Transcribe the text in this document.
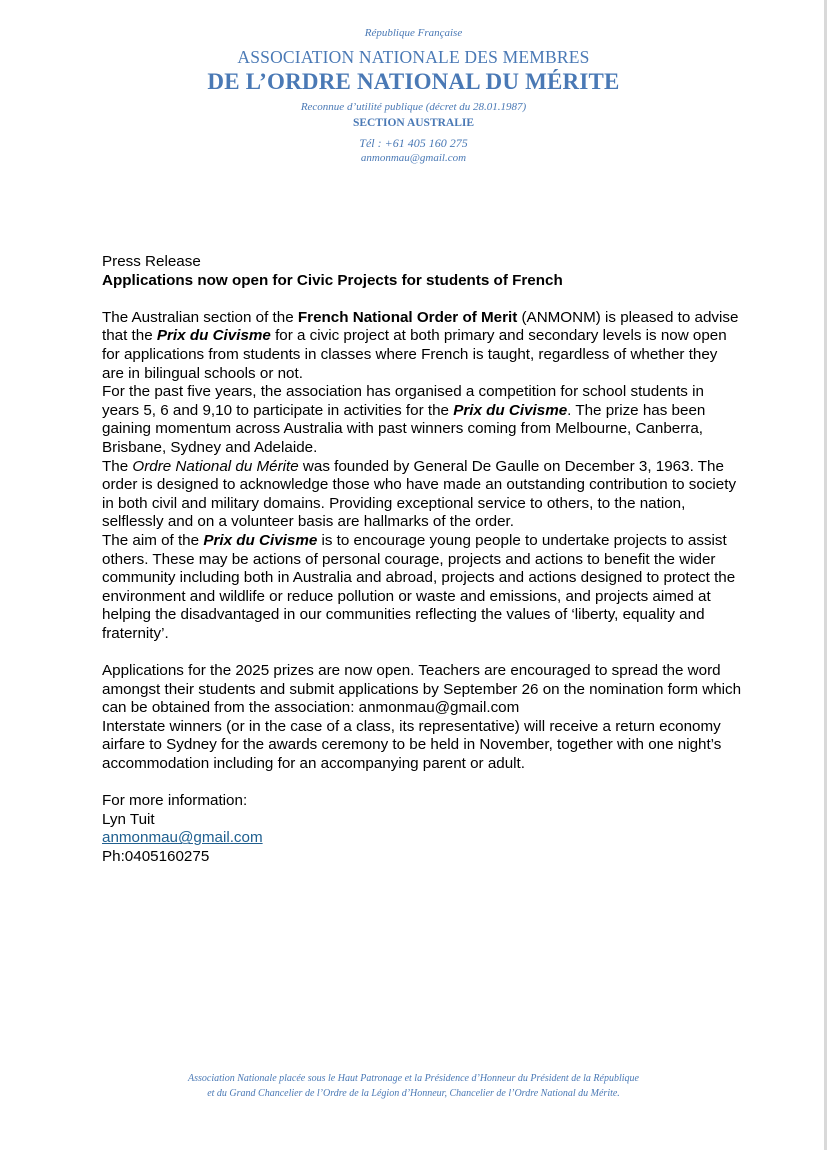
République Française
ASSOCIATION NATIONALE DES MEMBRES
DE L’ORDRE NATIONAL DU MÉRITE
Reconnue d’utilité publique (décret du 28.01.1987)
SECTION AUSTRALIE
Tél : +61 405 160 275
anmonmau@gmail.com

Press Release

Applications now open for Civic Projects for students of French

The Australian section of the French National Order of Merit (ANMONM) is pleased to advise that the Prix du Civisme for a civic project at both primary and secondary levels is now open for applications from students in classes where French is taught, regardless of whether they are in bilingual schools or not.

For the past five years, the association has organised a competition for school students in years 5, 6 and 9,10 to participate in activities for the Prix du Civisme. The prize has been gaining momentum across Australia with past winners coming from Melbourne, Canberra, Brisbane, Sydney and Adelaide.

The Ordre National du Mérite was founded by General De Gaulle on December 3, 1963. The order is designed to acknowledge those who have made an outstanding contribution to society in both civil and military domains. Providing exceptional service to others, to the nation, selflessly and on a volunteer basis are hallmarks of the order.

The aim of the Prix du Civisme is to encourage young people to undertake projects to assist others. These may be actions of personal courage, projects and actions to benefit the wider community including both in Australia and abroad, projects and actions designed to protect the environment and wildlife or reduce pollution or waste and emissions, and projects aimed at helping the disadvantaged in our communities reflecting the values of ‘liberty, equality and fraternity’.

Applications for the 2025 prizes are now open. Teachers are encouraged to spread the word amongst their students and submit applications by September 26 on the nomination form which can be obtained from the association: anmonmau@gmail.com

Interstate winners (or in the case of a class, its representative) will receive a return economy airfare to Sydney for the awards ceremony to be held in November, together with one night’s accommodation including for an accompanying parent or adult.

For more information:

Lyn Tuit

anmonmau@gmail.com

Ph:0405160275

Association Nationale placée sous le Haut Patronage et la Présidence d’Honneur du Président de la République
et du Grand Chancelier de l’Ordre de la Légion d’Honneur, Chancelier de l’Ordre National du Mérite.
